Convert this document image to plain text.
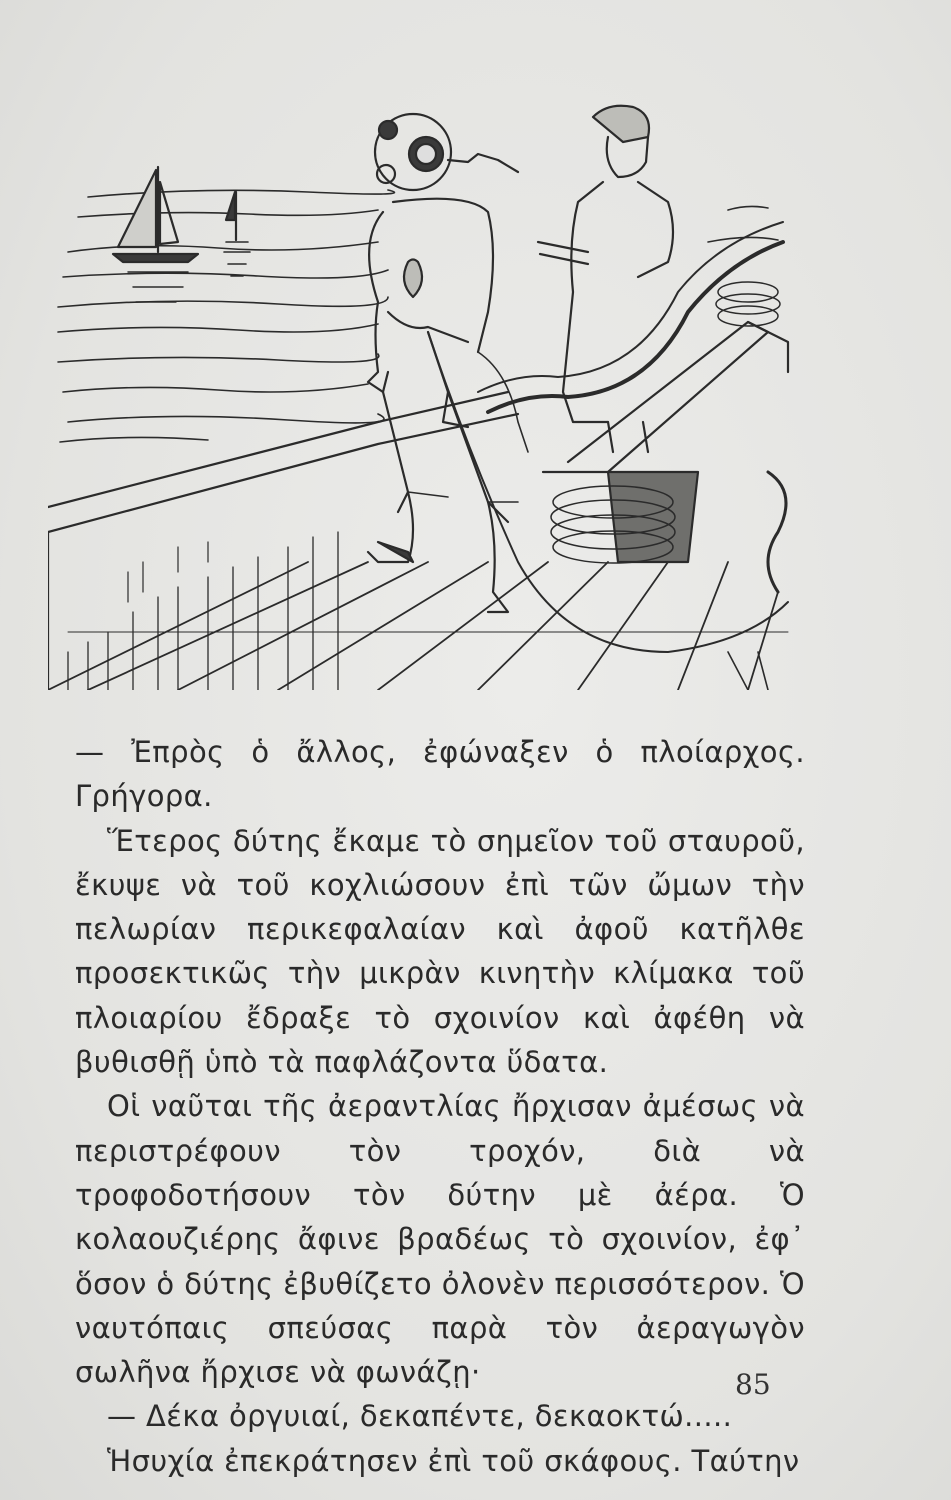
— Ἐπρὸς ὁ ἄλλος, ἐφώναξεν ὁ πλοίαρχος. Γρήγορα.

Ἕτερος δύτης ἔκαμε τὸ σημεῖον τοῦ σταυροῦ, ἔκυψε νὰ τοῦ κοχλιώσουν ἐπὶ τῶν ὤμων τὴν πελωρίαν περικεφαλαίαν καὶ ἀφοῦ κατῆλθε προσεκτικῶς τὴν μικρὰν κινητὴν κλίμακα τοῦ πλοιαρίου ἔδραξε τὸ σχοινίον καὶ ἀφέθη νὰ βυθισθῇ ὑπὸ τὰ παφλάζοντα ὕδατα.

Οἱ ναῦται τῆς ἀεραντλίας ἤρχισαν ἀμέσως νὰ περιστρέφουν τὸν τροχόν, διὰ νὰ τροφοδοτήσουν τὸν δύτην μὲ ἀέρα. Ὁ κολαουζιέρης ἄφινε βραδέως τὸ σχοινίον, ἐφ᾽ ὅσον ὁ δύτης ἐβυθίζετο ὀλονὲν περισσότερον. Ὁ ναυτόπαις σπεύσας παρὰ τὸν ἀεραγωγὸν σωλῆνα ἤρχισε νὰ φωνάζῃ·

— Δέκα ὀργυιαί, δεκαπέντε, δεκαοκτώ.....

Ἡσυχία ἐπεκράτησεν ἐπὶ τοῦ σκάφους. Ταύτην

85
